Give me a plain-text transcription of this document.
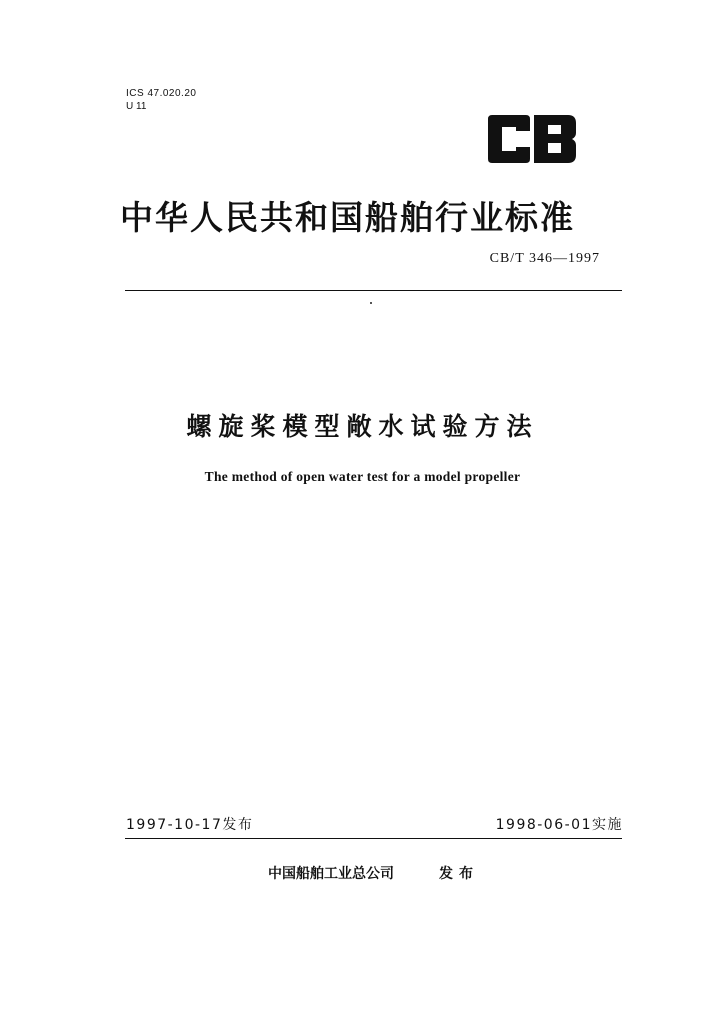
ICS 47.020.20
U 11
中华人民共和国船舶行业标准
CB/T 346—1997
螺旋桨模型敞水试验方法
The method of open water test for a model propeller
1997-10-17发布	1998-06-01实施
中国船舶工业总公司	发布
